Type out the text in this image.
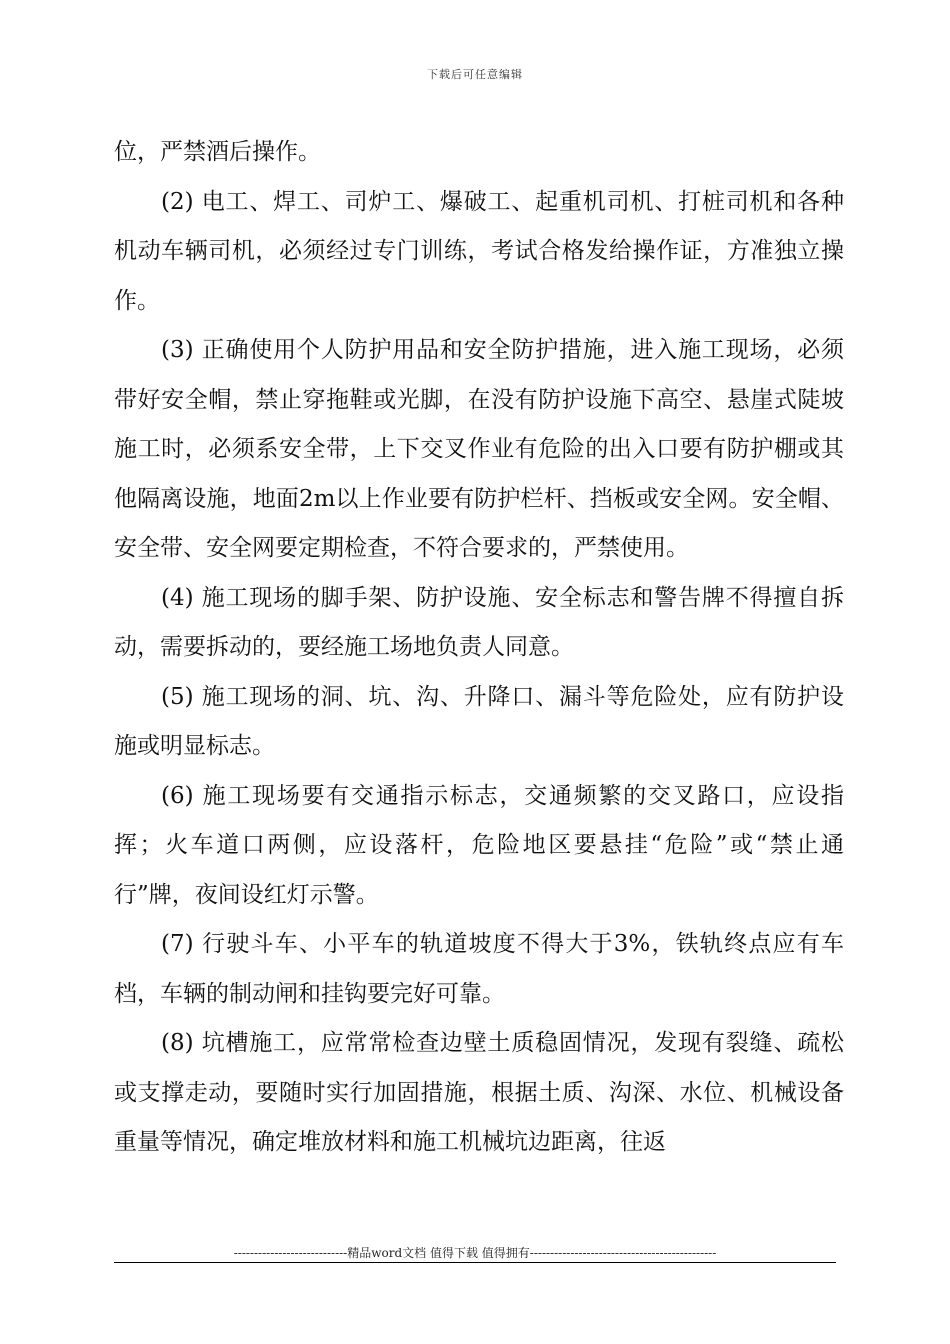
下载后可任意编辑

位，严禁酒后操作。

(2) 电工、焊工、司炉工、爆破工、起重机司机、打桩司机和各种机动车辆司机，必须经过专门训练，考试合格发给操作证，方准独立操作。

(3) 正确使用个人防护用品和安全防护措施，进入施工现场，必须带好安全帽，禁止穿拖鞋或光脚，在没有防护设施下高空、悬崖式陡坡施工时，必须系安全带，上下交叉作业有危险的出入口要有防护棚或其他隔离设施，地面2m以上作业要有防护栏杆、挡板或安全网。安全帽、安全带、安全网要定期检查，不符合要求的，严禁使用。

(4) 施工现场的脚手架、防护设施、安全标志和警告牌不得擅自拆动，需要拆动的，要经施工场地负责人同意。

(5) 施工现场的洞、坑、沟、升降口、漏斗等危险处，应有防护设施或明显标志。

(6) 施工现场要有交通指示标志，交通频繁的交叉路口，应设指挥；火车道口两侧，应设落杆，危险地区要悬挂“危险”或“禁止通行”牌，夜间设红灯示警。

(7) 行驶斗车、小平车的轨道坡度不得大于3%，铁轨终点应有车档，车辆的制动闸和挂钩要完好可靠。

(8) 坑槽施工，应常常检查边壁土质稳固情况，发现有裂缝、疏松或支撑走动，要随时实行加固措施，根据土质、沟深、水位、机械设备重量等情况，确定堆放材料和施工机械坑边距离，往返

----------------------------精品word文档 值得下载 值得拥有----------------------------------------------
